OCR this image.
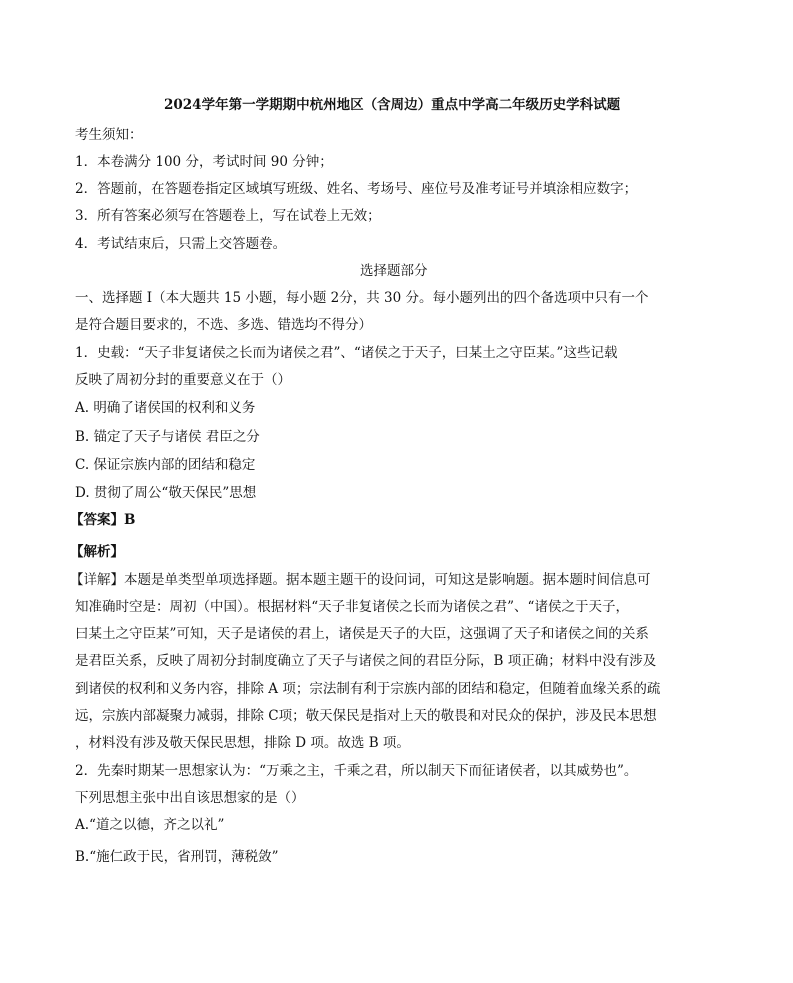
2024学年第一学期期中杭州地区（含周边）重点中学高二年级历史学科试题
考生须知：
1．本卷满分 100 分，考试时间 90 分钟；
2．答题前，在答题卷指定区域填写班级、姓名、考场号、座位号及准考证号并填涂相应数字；
3．所有答案必须写在答题卷上，写在试卷上无效；
4．考试结束后，只需上交答题卷。
选择题部分
一、选择题 I（本大题共 15 小题，每小题 2分，共 30 分。每小题列出的四个备选项中只有一个
是符合题目要求的，不选、多选、错选均不得分）
1．史载：“天子非复诸侯之长而为诸侯之君”、“诸侯之于天子，曰某土之守臣某。”这些记载
反映了周初分封的重要意义在于（）
A. 明确了诸侯国的权利和义务
B. 锚定了天子与诸侯 君臣之分
C. 保证宗族内部的团结和稳定
D. 贯彻了周公“敬天保民”思想
【答案】B
【解析】
【详解】本题是单类型单项选择题。据本题主题干的设问词，可知这是影响题。据本题时间信息可
知准确时空是：周初（中国）。根据材料“天子非复诸侯之长而为诸侯之君”、“诸侯之于天子，
曰某土之守臣某”可知，天子是诸侯的君上，诸侯是天子的大臣，这强调了天子和诸侯之间的关系
是君臣关系，反映了周初分封制度确立了天子与诸侯之间的君臣分际，B 项正确；材料中没有涉及
到诸侯的权利和义务内容，排除 A 项；宗法制有利于宗族内部的团结和稳定，但随着血缘关系的疏
远，宗族内部凝聚力减弱，排除 C项；敬天保民是指对上天的敬畏和对民众的保护，涉及民本思想
，材料没有涉及敬天保民思想，排除 D 项。故选 B 项。
2．先秦时期某一思想家认为：“万乘之主，千乘之君，所以制天下而征诸侯者，以其威势也”。
下列思想主张中出自该思想家的是（）
A.“道之以德，齐之以礼”
B.“施仁政于民，省刑罚，薄税敛”
